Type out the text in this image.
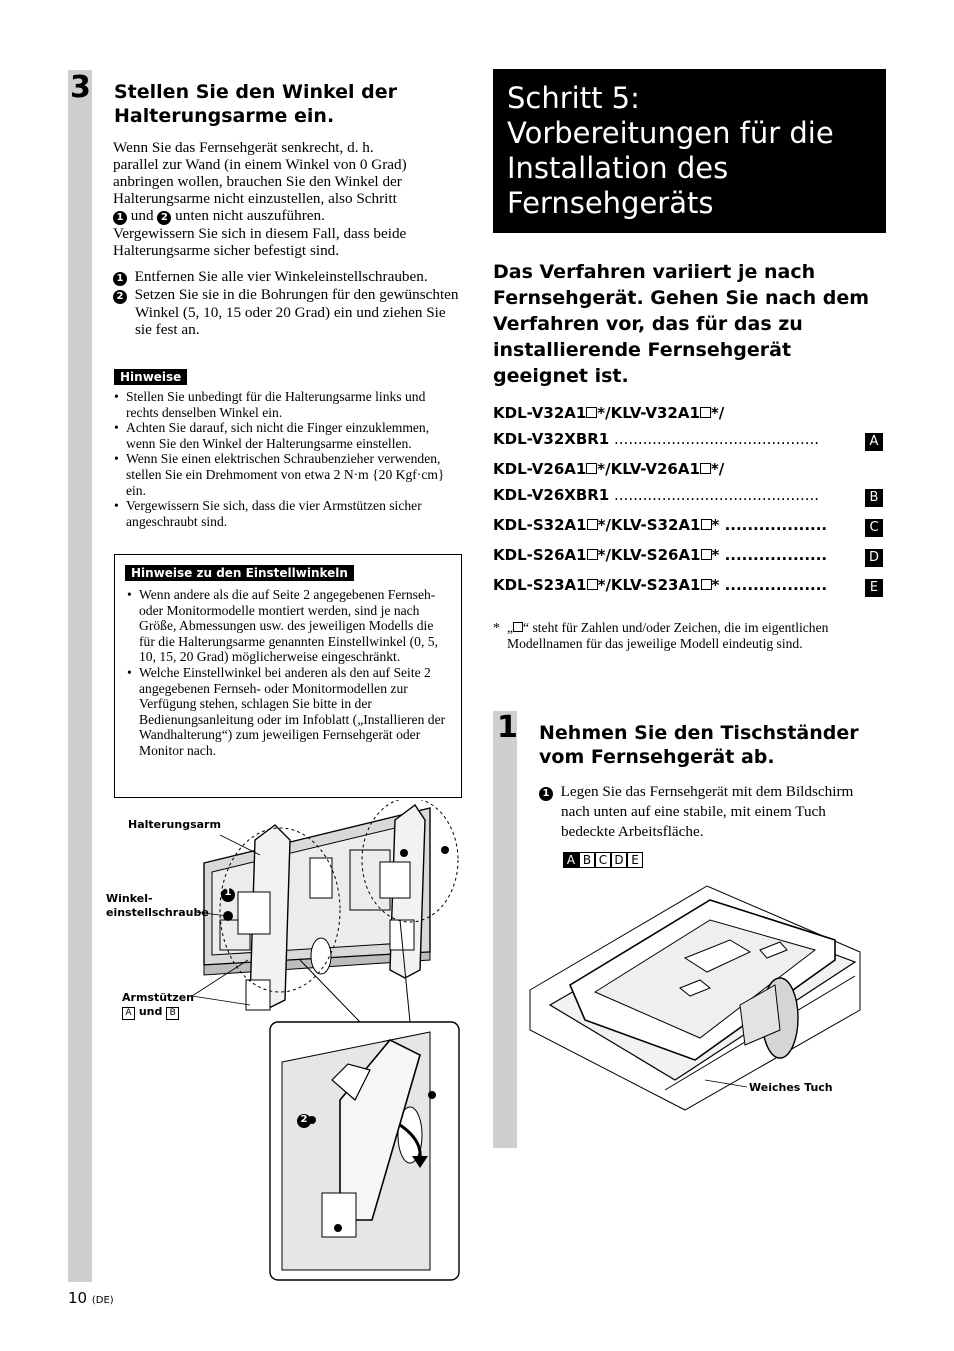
3 Stellen Sie den Winkel der Halterungsarme ein.
Wenn Sie das Fernsehgerät senkrecht, d. h.
parallel zur Wand (in einem Winkel von 0 Grad)
anbringen wollen, brauchen Sie den Winkel der
Halterungsarme nicht einzustellen, also Schritt
1 und 2 unten nicht auszuführen.
Vergewissern Sie sich in diesem Fall, dass beide
Halterungsarme sicher befestigt sind.
1 Entfernen Sie alle vier Winkeleinstellschrauben.
2 Setzen Sie sie in die Bohrungen für den gewünschten Winkel (5, 10, 15 oder 20 Grad) ein und ziehen Sie sie fest an.
Hinweise
• Stellen Sie unbedingt für die Halterungsarme links und rechts denselben Winkel ein.
• Achten Sie darauf, sich nicht die Finger einzuklemmen, wenn Sie den Winkel der Halterungsarme einstellen.
• Wenn Sie einen elektrischen Schraubenzieher verwenden, stellen Sie ein Drehmoment von etwa 2 N·m {20 Kgf·cm} ein.
• Vergewissern Sie sich, dass die vier Armstützen sicher angeschraubt sind.
Hinweise zu den Einstellwinkeln
• Wenn andere als die auf Seite 2 angegebenen Fernseh- oder Monitormodelle montiert werden, sind je nach Größe, Abmessungen usw. des jeweiligen Modells die für die Halterungsarme genannten Einstellwinkel (0, 5, 10, 15, 20 Grad) möglicherweise eingeschränkt.
• Welche Einstellwinkel bei anderen als den auf Seite 2 angegebenen Fernseh- oder Monitormodellen zur Verfügung stehen, schlagen Sie bitte in der Bedienungsanleitung oder im Infoblatt („Installieren der Wandhalterung“) zum jeweiligen Fernsehgerät oder Monitor nach.
Halterungsarm
Winkel-
einstellschraube
Armstützen
A und B
1
2
10 (DE)
Schritt 5:
Vorbereitungen für die
Installation des
Fernsehgeräts
Das Verfahren variiert je nach Fernsehgerät. Gehen Sie nach dem Verfahren vor, das für das zu installierende Fernsehgerät geeignet ist.
KDL-V32A1 */KLV-V32A1 */
KDL-V32XBR1 ...........................................	A
KDL-V26A1 */KLV-V26A1 */
KDL-V26XBR1 ...........................................	B
KDL-S32A1 */KLV-S32A1 * ..................	C
KDL-S26A1 */KLV-S26A1 * ..................	D
KDL-S23A1 */KLV-S23A1 * ..................	E
* „ “ steht für Zahlen und/oder Zeichen, die im eigentlichen Modellnamen für das jeweilige Modell eindeutig sind.
1 Nehmen Sie den Tischständer vom Fernsehgerät ab.
1 Legen Sie das Fernsehgerät mit dem Bildschirm nach unten auf eine stabile, mit einem Tuch bedeckte Arbeitsfläche.
A B C D E
Weiches Tuch
